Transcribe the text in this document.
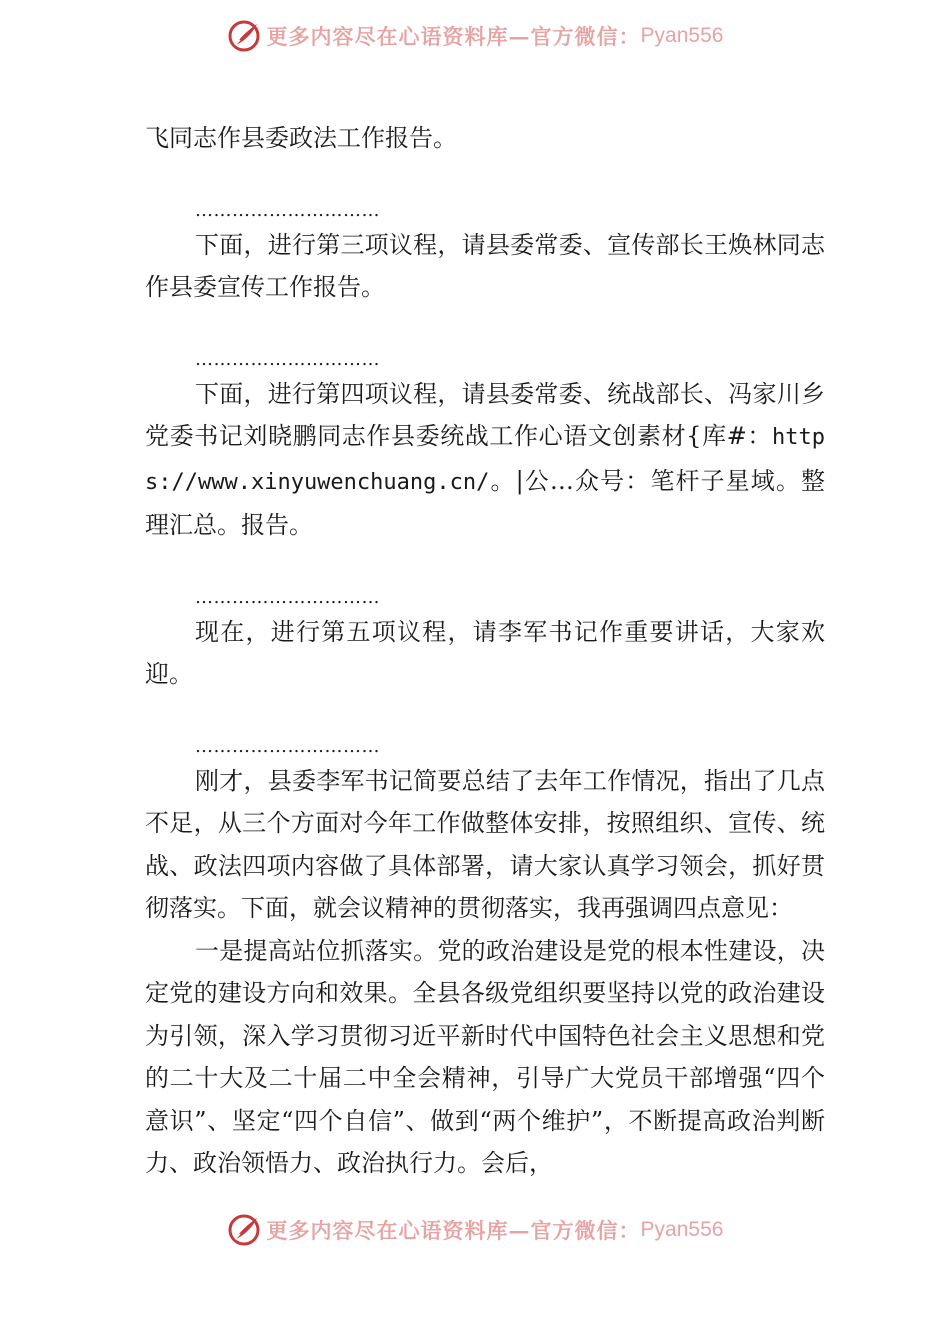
更多内容尽在心语资料库—官方微信： Pyan556

飞同志作县委政法工作报告。

…………………………

下面，进行第三项议程，请县委常委、宣传部长王焕林同志作县委宣传工作报告。

…………………………

下面，进行第四项议程，请县委常委、统战部长、冯家川乡党委书记刘晓鹏同志作县委统战工作心语文创素材{库#：https://www.xinyuwenchuang.cn/。|公…众号：笔杆子星域。整理汇总。报告。

…………………………

现在，进行第五项议程，请李军书记作重要讲话，大家欢迎。

…………………………

刚才，县委李军书记简要总结了去年工作情况，指出了几点不足，从三个方面对今年工作做整体安排，按照组织、宣传、统战、政法四项内容做了具体部署，请大家认真学习领会，抓好贯彻落实。下面，就会议精神的贯彻落实，我再强调四点意见：

一是提高站位抓落实。党的政治建设是党的根本性建设，决定党的建设方向和效果。全县各级党组织要坚持以党的政治建设为引领，深入学习贯彻习近平新时代中国特色社会主义思想和党的二十大及二十届二中全会精神，引导广大党员干部增强“四个意识”、坚定“四个自信”、做到“两个维护”，不断提高政治判断力、政治领悟力、政治执行力。会后，

更多内容尽在心语资料库—官方微信： Pyan556
